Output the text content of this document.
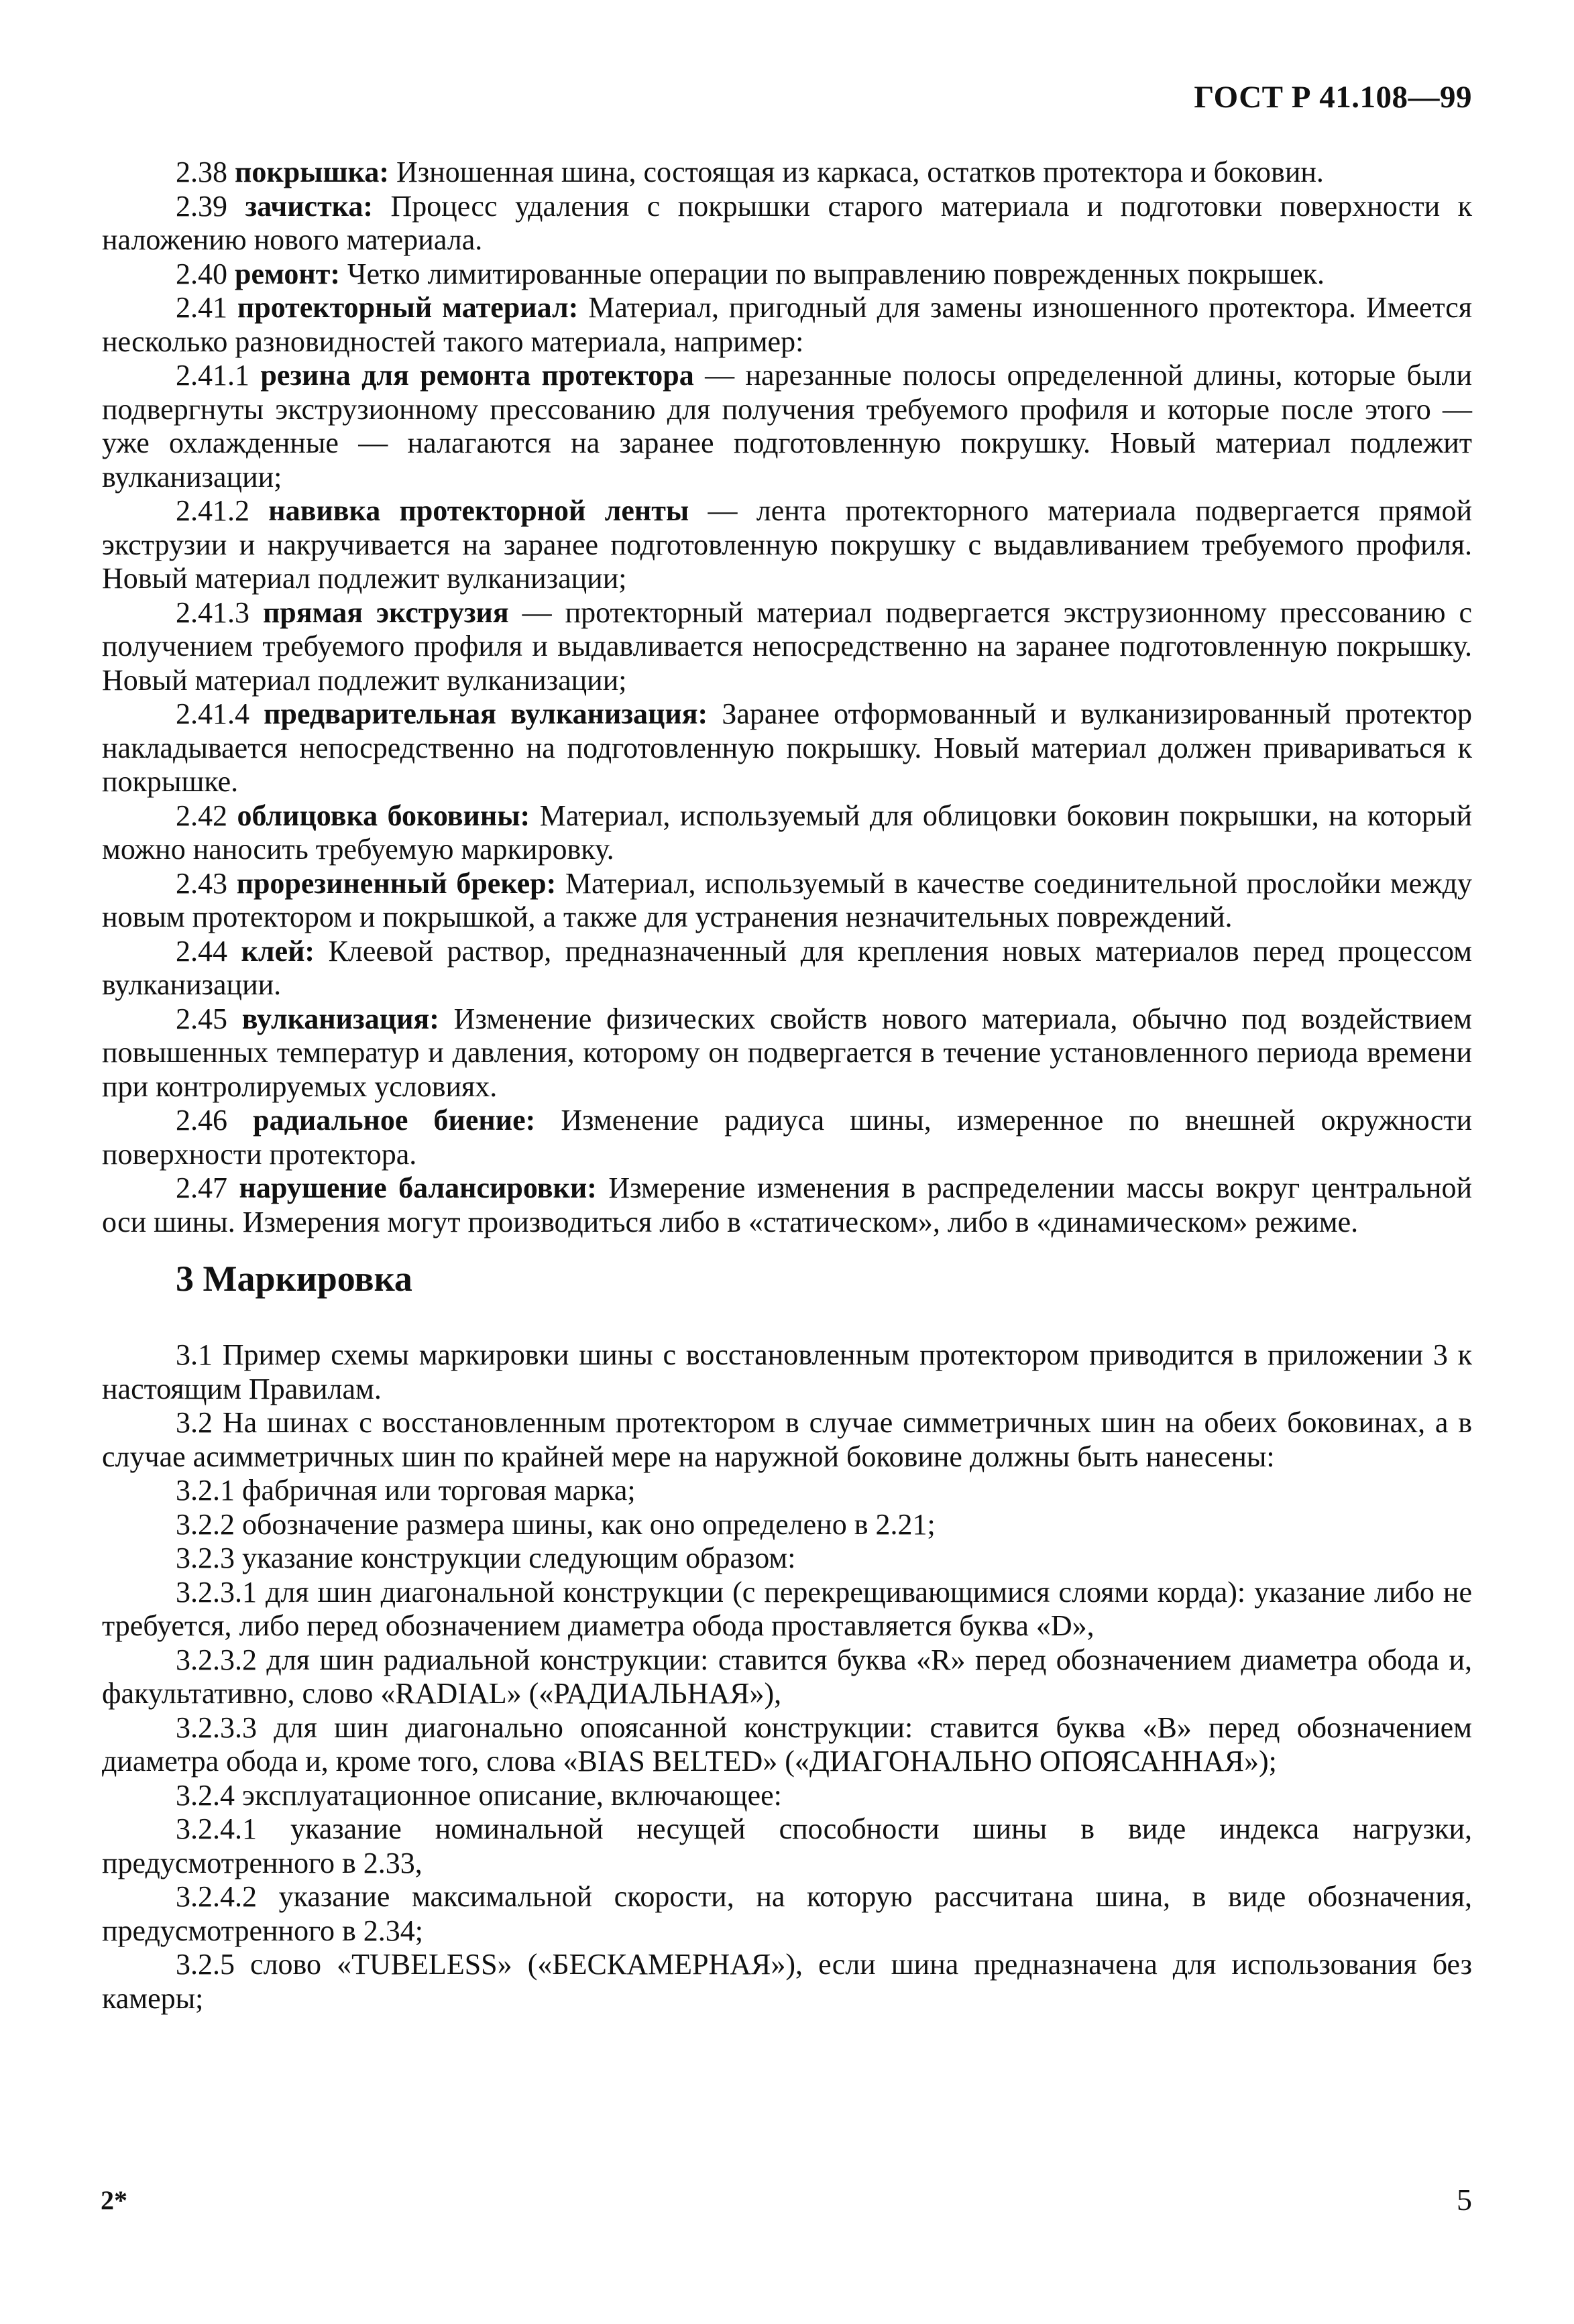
ГОСТ Р 41.108—99

2.38 покрышка: Изношенная шина, состоящая из каркаса, остатков протектора и боковин.

2.39 зачистка: Процесс удаления с покрышки старого материала и подготовки поверхности к наложению нового материала.

2.40 ремонт: Четко лимитированные операции по выправлению поврежденных покрышек.

2.41 протекторный материал: Материал, пригодный для замены изношенного протектора. Имеется несколько разновидностей такого материала, например:

2.41.1 резина для ремонта протектора — нарезанные полосы определенной длины, которые были подвергнуты экструзионному прессованию для получения требуемого профиля и которые после этого — уже охлажденные — налагаются на заранее подготовленную покрушку. Новый материал подлежит вулканизации;

2.41.2 навивка протекторной ленты — лента протекторного материала подвергается прямой экструзии и накручивается на заранее подготовленную покрушку с выдавливанием требуемого профиля. Новый материал подлежит вулканизации;

2.41.3 прямая экструзия — протекторный материал подвергается экструзионному прессованию с получением требуемого профиля и выдавливается непосредственно на заранее подготовленную покрышку. Новый материал подлежит вулканизации;

2.41.4 предварительная вулканизация: Заранее отформованный и вулканизированный протектор накладывается непосредственно на подготовленную покрышку. Новый материал должен привариваться к покрышке.

2.42 облицовка боковины: Материал, используемый для облицовки боковин покрышки, на который можно наносить требуемую маркировку.

2.43 прорезиненный брекер: Материал, используемый в качестве соединительной прослойки между новым протектором и покрышкой, а также для устранения незначительных повреждений.

2.44 клей: Клеевой раствор, предназначенный для крепления новых материалов перед процессом вулканизации.

2.45 вулканизация: Изменение физических свойств нового материала, обычно под воздействием повышенных температур и давления, которому он подвергается в течение установленного периода времени при контролируемых условиях.

2.46 радиальное биение: Изменение радиуса шины, измеренное по внешней окружности поверхности протектора.

2.47 нарушение балансировки: Измерение изменения в распределении массы вокруг центральной оси шины. Измерения могут производиться либо в «статическом», либо в «динамическом» режиме.

3 Маркировка

3.1 Пример схемы маркировки шины с восстановленным протектором приводится в приложении 3 к настоящим Правилам.

3.2 На шинах с восстановленным протектором в случае симметричных шин на обеих боковинах, а в случае асимметричных шин по крайней мере на наружной боковине должны быть нанесены:

3.2.1 фабричная или торговая марка;

3.2.2 обозначение размера шины, как оно определено в 2.21;

3.2.3 указание конструкции следующим образом:

3.2.3.1 для шин диагональной конструкции (с перекрещивающимися слоями корда): указание либо не требуется, либо перед обозначением диаметра обода проставляется буква «D»,

3.2.3.2 для шин радиальной конструкции: ставится буква «R» перед обозначением диаметра обода и, факультативно, слово «RADIAL» («РАДИАЛЬНАЯ»),

3.2.3.3 для шин диагонально опоясанной конструкции: ставится буква «B» перед обозначением диаметра обода и, кроме того, слова «BIAS BELTED» («ДИАГОНАЛЬНО ОПОЯСАННАЯ»);

3.2.4 эксплуатационное описание, включающее:

3.2.4.1 указание номинальной несущей способности шины в виде индекса нагрузки, предусмотренного в 2.33,

3.2.4.2 указание максимальной скорости, на которую рассчитана шина, в виде обозначения, предусмотренного в 2.34;

3.2.5 слово «TUBELESS» («БЕСКАМЕРНАЯ»), если шина предназначена для использования без камеры;

2*	5
